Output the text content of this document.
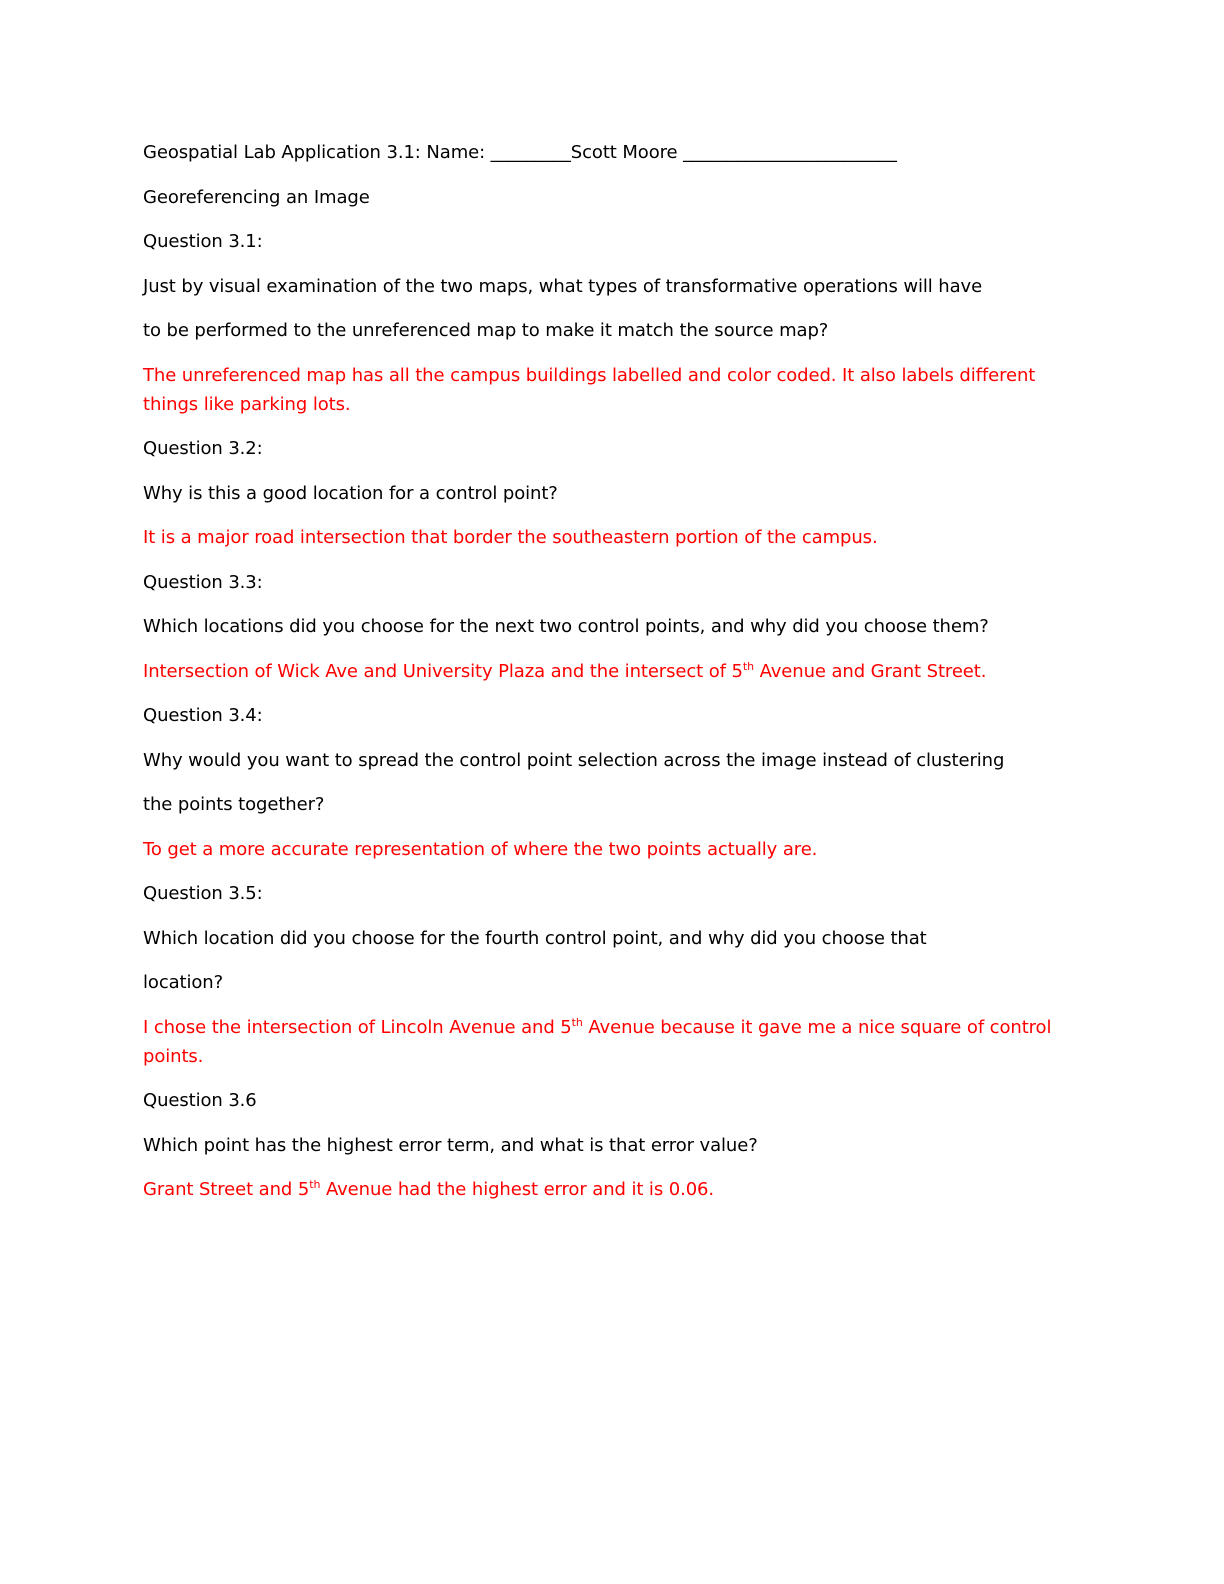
Geospatial Lab Application 3.1: Name: _________Scott Moore ________________________
Georeferencing an Image
Question 3.1:
Just by visual examination of the two maps, what types of transformative operations will have
to be performed to the unreferenced map to make it match the source map?
The unreferenced map has all the campus buildings labelled and color coded. It also labels different things like parking lots.
Question 3.2:
Why is this a good location for a control point?
It is a major road intersection that border the southeastern portion of the campus.
Question 3.3:
Which locations did you choose for the next two control points, and why did you choose them?
Intersection of Wick Ave and University Plaza and the intersect of 5th Avenue and Grant Street.
Question 3.4:
Why would you want to spread the control point selection across the image instead of clustering
the points together?
To get a more accurate representation of where the two points actually are.
Question 3.5:
Which location did you choose for the fourth control point, and why did you choose that
location?
I chose the intersection of Lincoln Avenue and 5th Avenue because it gave me a nice square of control points.
Question 3.6
Which point has the highest error term, and what is that error value?
Grant Street and 5th Avenue had the highest error and it is 0.06.
